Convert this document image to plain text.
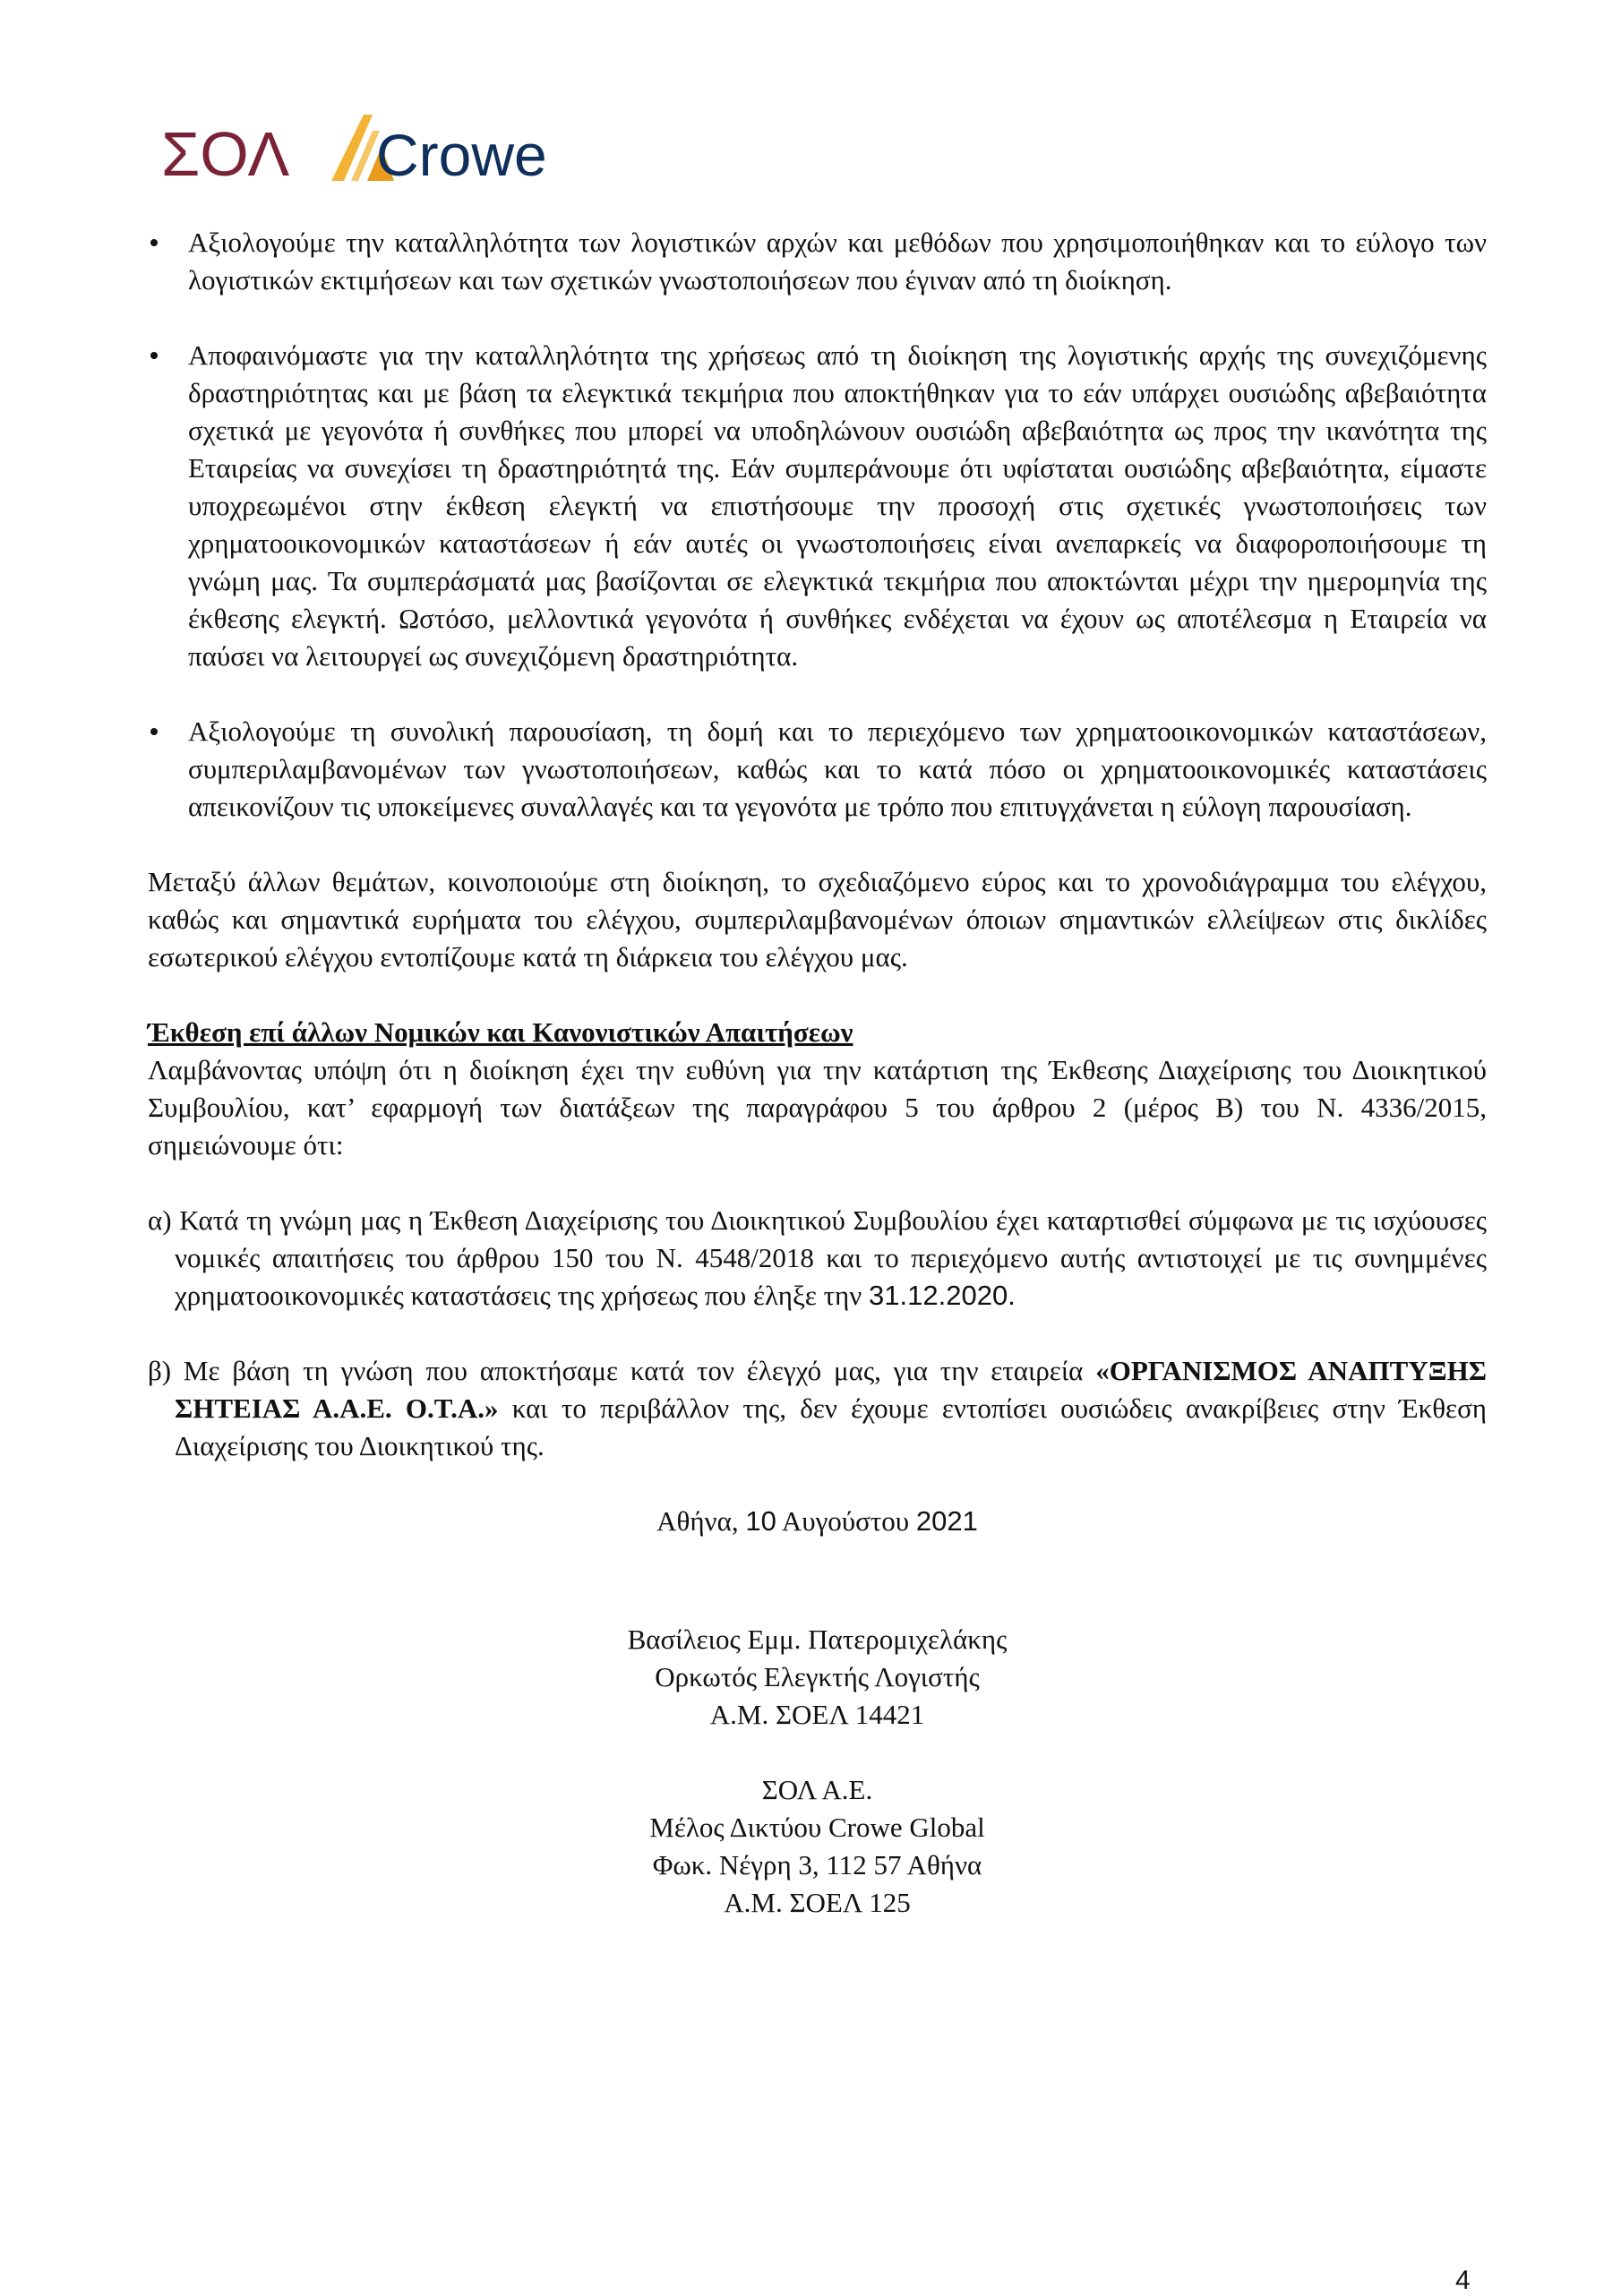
ΣΟΛ Crowe
Αξιολογούμε την καταλληλότητα των λογιστικών αρχών και μεθόδων που χρησιμοποιήθηκαν και το εύλογο των λογιστικών εκτιμήσεων και των σχετικών γνωστοποιήσεων που έγιναν από τη διοίκηση.
Αποφαινόμαστε για την καταλληλότητα της χρήσεως από τη διοίκηση της λογιστικής αρχής της συνεχιζόμενης δραστηριότητας και με βάση τα ελεγκτικά τεκμήρια που αποκτήθηκαν για το εάν υπάρχει ουσιώδης αβεβαιότητα σχετικά με γεγονότα ή συνθήκες που μπορεί να υποδηλώνουν ουσιώδη αβεβαιότητα ως προς την ικανότητα της Εταιρείας να συνεχίσει τη δραστηριότητά της. Εάν συμπεράνουμε ότι υφίσταται ουσιώδης αβεβαιότητα, είμαστε υποχρεωμένοι στην έκθεση ελεγκτή να επιστήσουμε την προσοχή στις σχετικές γνωστοποιήσεις των χρηματοοικονομικών καταστάσεων ή εάν αυτές οι γνωστοποιήσεις είναι ανεπαρκείς να διαφοροποιήσουμε τη γνώμη μας. Τα συμπεράσματά μας βασίζονται σε ελεγκτικά τεκμήρια που αποκτώνται μέχρι την ημερομηνία της έκθεσης ελεγκτή. Ωστόσο, μελλοντικά γεγονότα ή συνθήκες ενδέχεται να έχουν ως αποτέλεσμα η Εταιρεία να παύσει να λειτουργεί ως συνεχιζόμενη δραστηριότητα.
Αξιολογούμε τη συνολική παρουσίαση, τη δομή και το περιεχόμενο των χρηματοοικονομικών καταστάσεων, συμπεριλαμβανομένων των γνωστοποιήσεων, καθώς και το κατά πόσο οι χρηματοοικονομικές καταστάσεις απεικονίζουν τις υποκείμενες συναλλαγές και τα γεγονότα με τρόπο που επιτυγχάνεται η εύλογη παρουσίαση.

Μεταξύ άλλων θεμάτων, κοινοποιούμε στη διοίκηση, το σχεδιαζόμενο εύρος και το χρονοδιάγραμμα του ελέγχου, καθώς και σημαντικά ευρήματα του ελέγχου, συμπεριλαμβανομένων όποιων σημαντικών ελλείψεων στις δικλίδες εσωτερικού ελέγχου εντοπίζουμε κατά τη διάρκεια του ελέγχου μας.

Έκθεση επί άλλων Νομικών και Κανονιστικών Απαιτήσεων

Λαμβάνοντας υπόψη ότι η διοίκηση έχει την ευθύνη για την κατάρτιση της Έκθεσης Διαχείρισης του Διοικητικού Συμβουλίου, κατ’ εφαρμογή των διατάξεων της παραγράφου 5 του άρθρου 2 (μέρος Β) του Ν. 4336/2015, σημειώνουμε ότι:

α) Κατά τη γνώμη μας η Έκθεση Διαχείρισης του Διοικητικού Συμβουλίου έχει καταρτισθεί σύμφωνα με τις ισχύουσες νομικές απαιτήσεις του άρθρου 150 του Ν. 4548/2018 και το περιεχόμενο αυτής αντιστοιχεί με τις συνημμένες χρηματοοικονομικές καταστάσεις της χρήσεως που έληξε την 31.12.2020.

β) Με βάση τη γνώση που αποκτήσαμε κατά τον έλεγχό μας, για την εταιρεία «ΟΡΓΑΝΙΣΜΟΣ ΑΝΑΠΤΥΞΗΣ ΣΗΤΕΙΑΣ Α.Α.Ε. Ο.Τ.Α.» και το περιβάλλον της, δεν έχουμε εντοπίσει ουσιώδεις ανακρίβειες στην Έκθεση Διαχείρισης του Διοικητικού της.

Αθήνα, 10 Αυγούστου 2021

Βασίλειος Εμμ. Πατερομιχελάκης
Ορκωτός Ελεγκτής Λογιστής
Α.Μ. ΣΟΕΛ 14421
ΣΟΛ Α.Ε.
Μέλος Δικτύου Crowe Global
Φωκ. Νέγρη 3, 112 57 Αθήνα
Α.Μ. ΣΟΕΛ 125
4
